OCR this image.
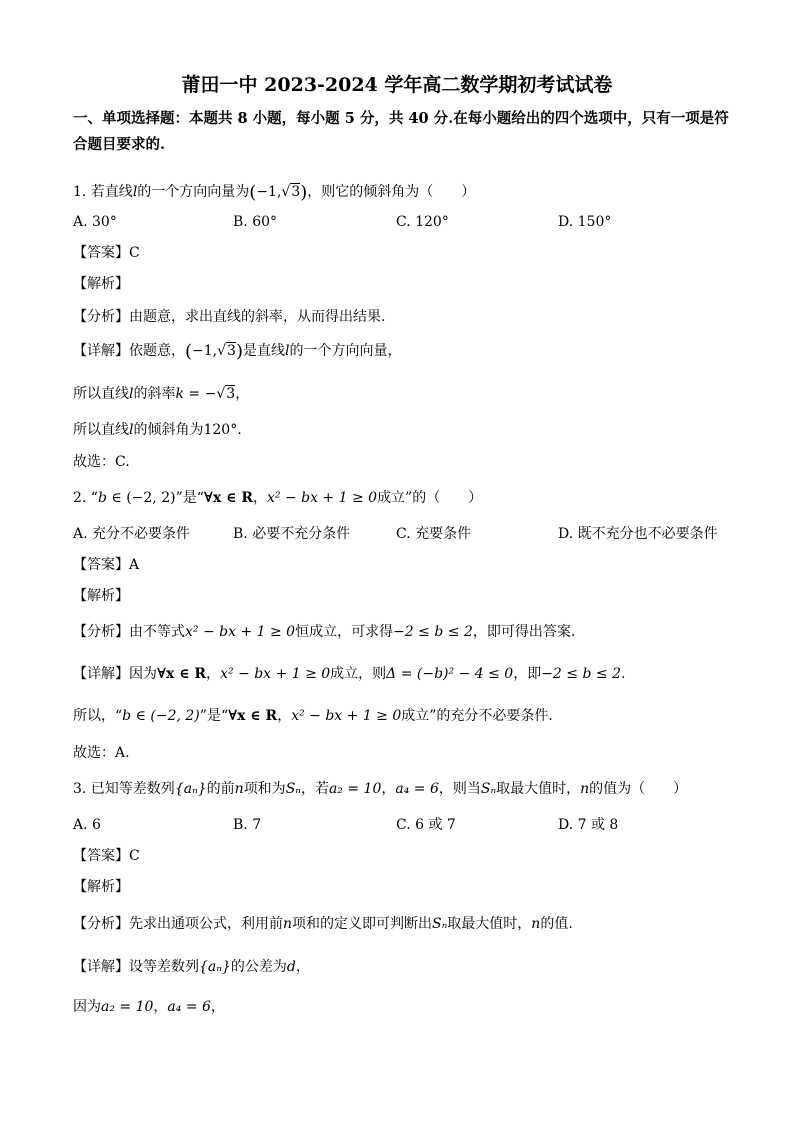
莆田一中 2023-2024 学年高二数学期初考试试卷
一、单项选择题：本题共 8 小题，每小题 5 分，共 40 分.在每小题给出的四个选项中，只有一项是符合题目要求的.
1. 若直线l的一个方向向量为(−1,√3)，则它的倾斜角为（　　）
A. 30°	B. 60°	C. 120°	D. 150°
【答案】C
【解析】
【分析】由题意，求出直线的斜率，从而得出结果.
【详解】依题意，(−1,√3)是直线l的一个方向向量，
所以直线l的斜率k = −√3，
所以直线l的倾斜角为120°.
故选：C.
2. “b ∈ (−2, 2)”是“∀x ∈ R，x² − bx + 1 ≥ 0成立”的（　　）
A. 充分不必要条件	B. 必要不充分条件	C. 充要条件	D. 既不充分也不必要条件
【答案】A
【解析】
【分析】由不等式x² − bx + 1 ≥ 0恒成立，可求得−2 ≤ b ≤ 2，即可得出答案.
【详解】因为∀x ∈ R，x² − bx + 1 ≥ 0成立，则Δ = (−b)² − 4 ≤ 0，即−2 ≤ b ≤ 2.
所以，“b ∈ (−2, 2)”是“∀x ∈ R，x² − bx + 1 ≥ 0成立”的充分不必要条件.
故选：A.
3. 已知等差数列{aₙ}的前n项和为Sₙ，若a₂ = 10，a₄ = 6，则当Sₙ取最大值时，n的值为（　　）
A. 6	B. 7	C. 6 或 7	D. 7 或 8
【答案】C
【解析】
【分析】先求出通项公式，利用前n项和的定义即可判断出Sₙ取最大值时，n的值.
【详解】设等差数列{aₙ}的公差为d，
因为a₂ = 10，a₄ = 6，
